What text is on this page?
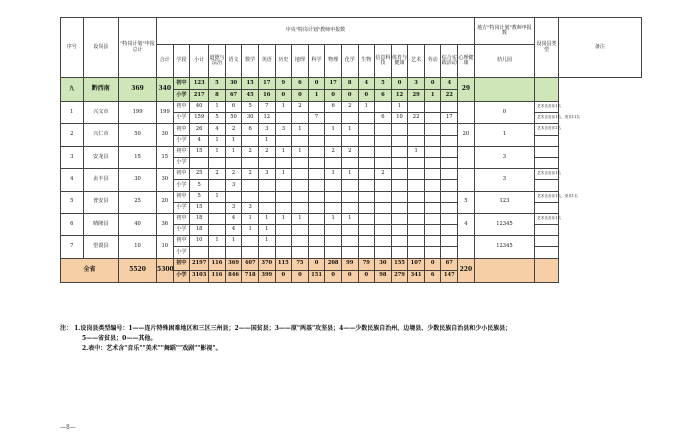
序号	设岗县	"特岗计划"申报总计	中央"特岗计划"教师申报数																			地方"特岗计划"教师申报数	设岗县类型	备注
			合计	学段	小计	道德与法治	语文	数学	英语	历史	地理	科学	物理	化学	生物	信息科技	体育与健康	艺术	劳动	综合实践活动	心理健康	幼儿园		
九	黔西南	369	340	初中	123	5	30	15	17	9	6	0	17	8	4	5	0	3	0	4	29			
				小学	217	8	67	45	16	0	0	1	0	0	0	6	12	29	1	22				
1	兴义市	199	199	初中	40	1	6	5	7	1	2		6	2	1		1					0	艺术含音乐1名	
				小学	159	5	50	30	12			7				6	10	22		17			艺术含音乐1名，美术11名	
2	兴仁市	50	30	初中	26	4	2	6	3	3	1		1	1							20	1	艺术含音乐1名	
				小学	4	1	1		1															
3	安龙县	15	15	初中	15	1	1	2	2	1	1		2	2				1				3		
				小学																				
4	贞丰县	30	30	初中	25	2	2	2	3	1			1	1		2						3	艺术含音乐1名	
				小学	5		3																	
5	普安县	25	20	初中	5	1															5	123	艺术含音乐1名，美术1名	
				小学	15		3	3																
6	晴隆县	40	36	初中	18		4	1	1	1	1		1	1							4	12345	艺术含音乐1名	
				小学	18		4	1	1															
7	望谟县	10	10	初中	10	1	1		1													12345		
				小学																				
全省		5520	5300	初中	2197	116	369	407	370	115	75	0	208	99	79	30	155	107	0	67	220			
				小学	3103	116	846	718	399	0	0	151	0	0	0	98	279	341	6	147				
注： 1.设岗县类型编号：1——连片特殊困难地区和三区三州县；2——国贫县；3——原"两基"攻坚县；4——少数民族自治州、边境县、少数民族自治县和少小民族县；
5——省贫县；0——其他。
2.表中：艺术含"音乐""美术""舞蹈""戏剧""影视"。
—8—
